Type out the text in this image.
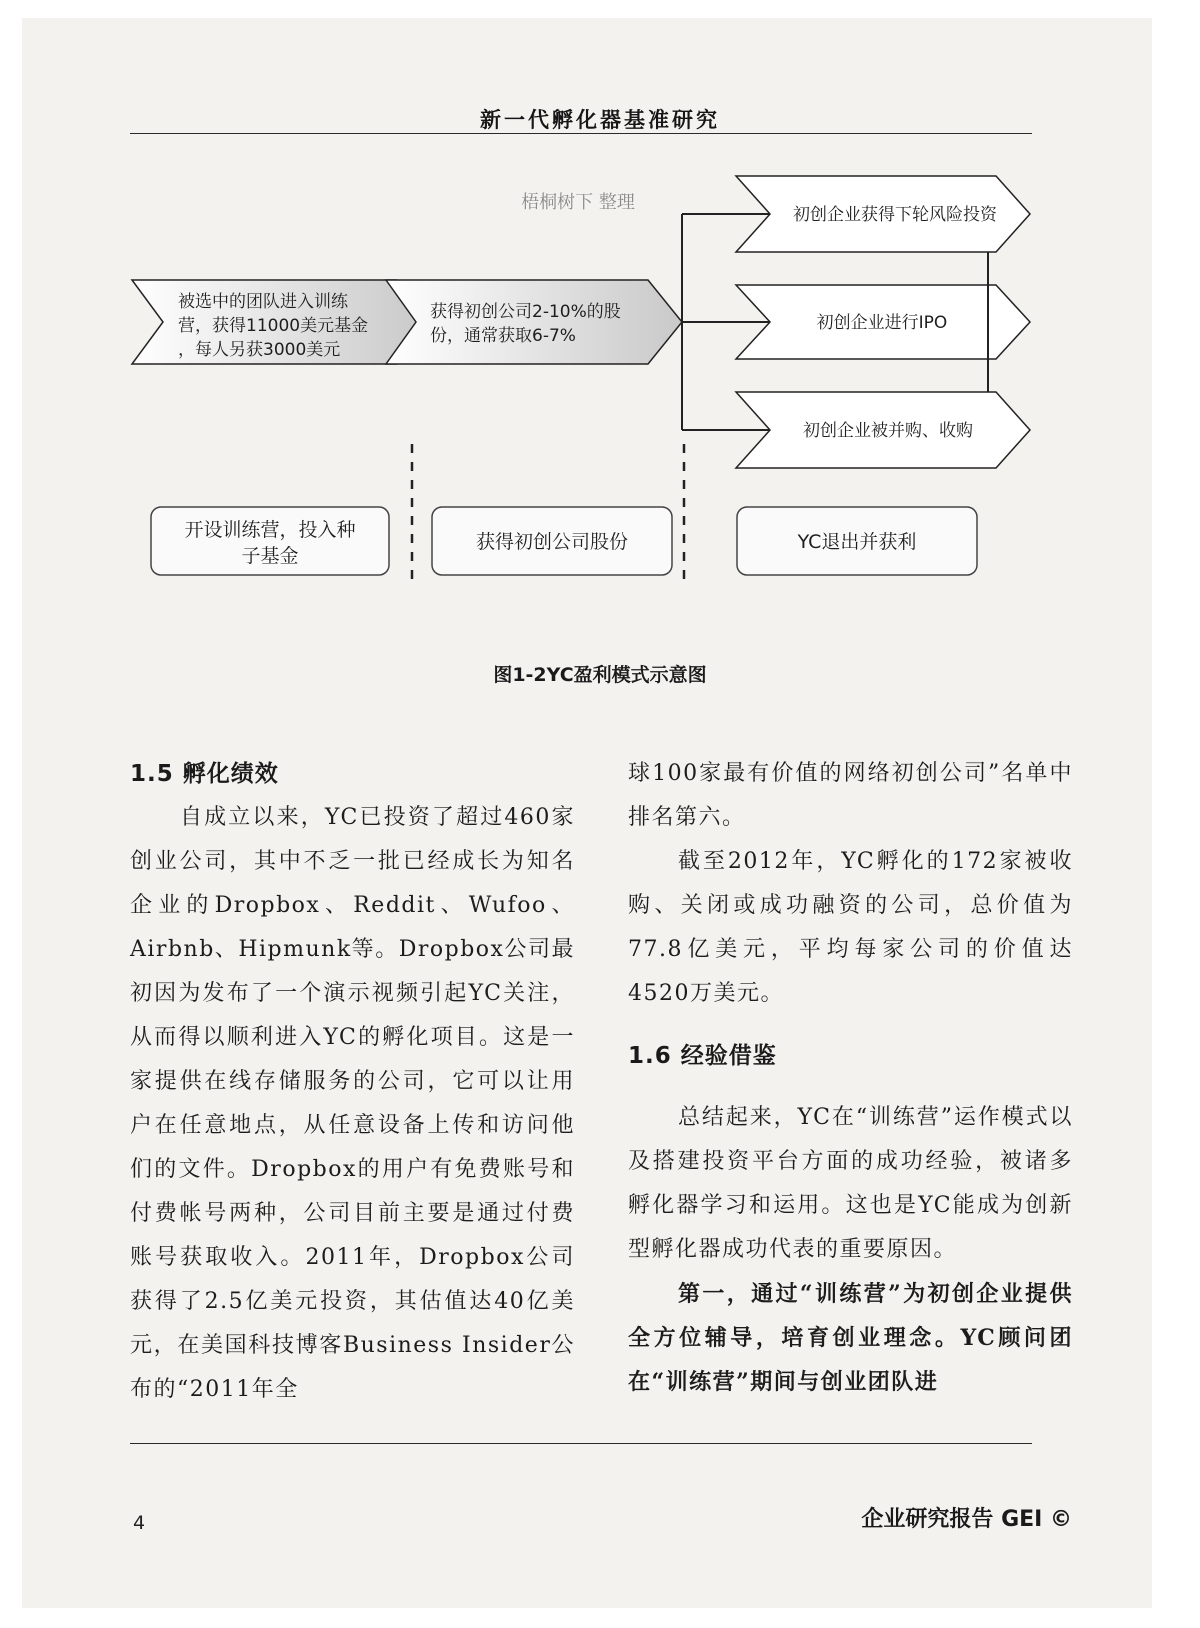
新一代孵化器基准研究
梧桐树下 整理
被选中的团队进入训练
营，获得11000美元基金
，每人另获3000美元
获得初创公司2-10%的股
份，通常获取6-7%
初创企业获得下轮风险投资
初创企业进行IPO
初创企业被并购、收购
开设训练营，投入种
子基金
获得初创公司股份	YC退出并获利
图1-2YC盈利模式示意图
1.5 孵化绩效

自成立以来，YC已投资了超过460家创业公司，其中不乏一批已经成长为知名企业的Dropbox、Reddit、Wufoo、Airbnb、Hipmunk等。Dropbox公司最初因为发布了一个演示视频引起YC关注，从而得以顺利进入YC的孵化项目。这是一家提供在线存储服务的公司，它可以让用户在任意地点，从任意设备上传和访问他们的文件。Dropbox的用户有免费账号和付费帐号两种，公司目前主要是通过付费账号获取收入。2011年，Dropbox公司获得了2.5亿美元投资，其估值达40亿美元，在美国科技博客Business Insider公布的“2011年全

球100家最有价值的网络初创公司”名单中排名第六。

截至2012年，YC孵化的172家被收购、关闭或成功融资的公司，总价值为77.8亿美元，平均每家公司的价值达4520万美元。

1.6 经验借鉴

总结起来，YC在“训练营”运作模式以及搭建投资平台方面的成功经验，被诸多孵化器学习和运用。这也是YC能成为创新型孵化器成功代表的重要原因。

第一，通过“训练营”为初创企业提供全方位辅导，培育创业理念。YC顾问团在“训练营”期间与创业团队进

4	企业研究报告 GEI ©
